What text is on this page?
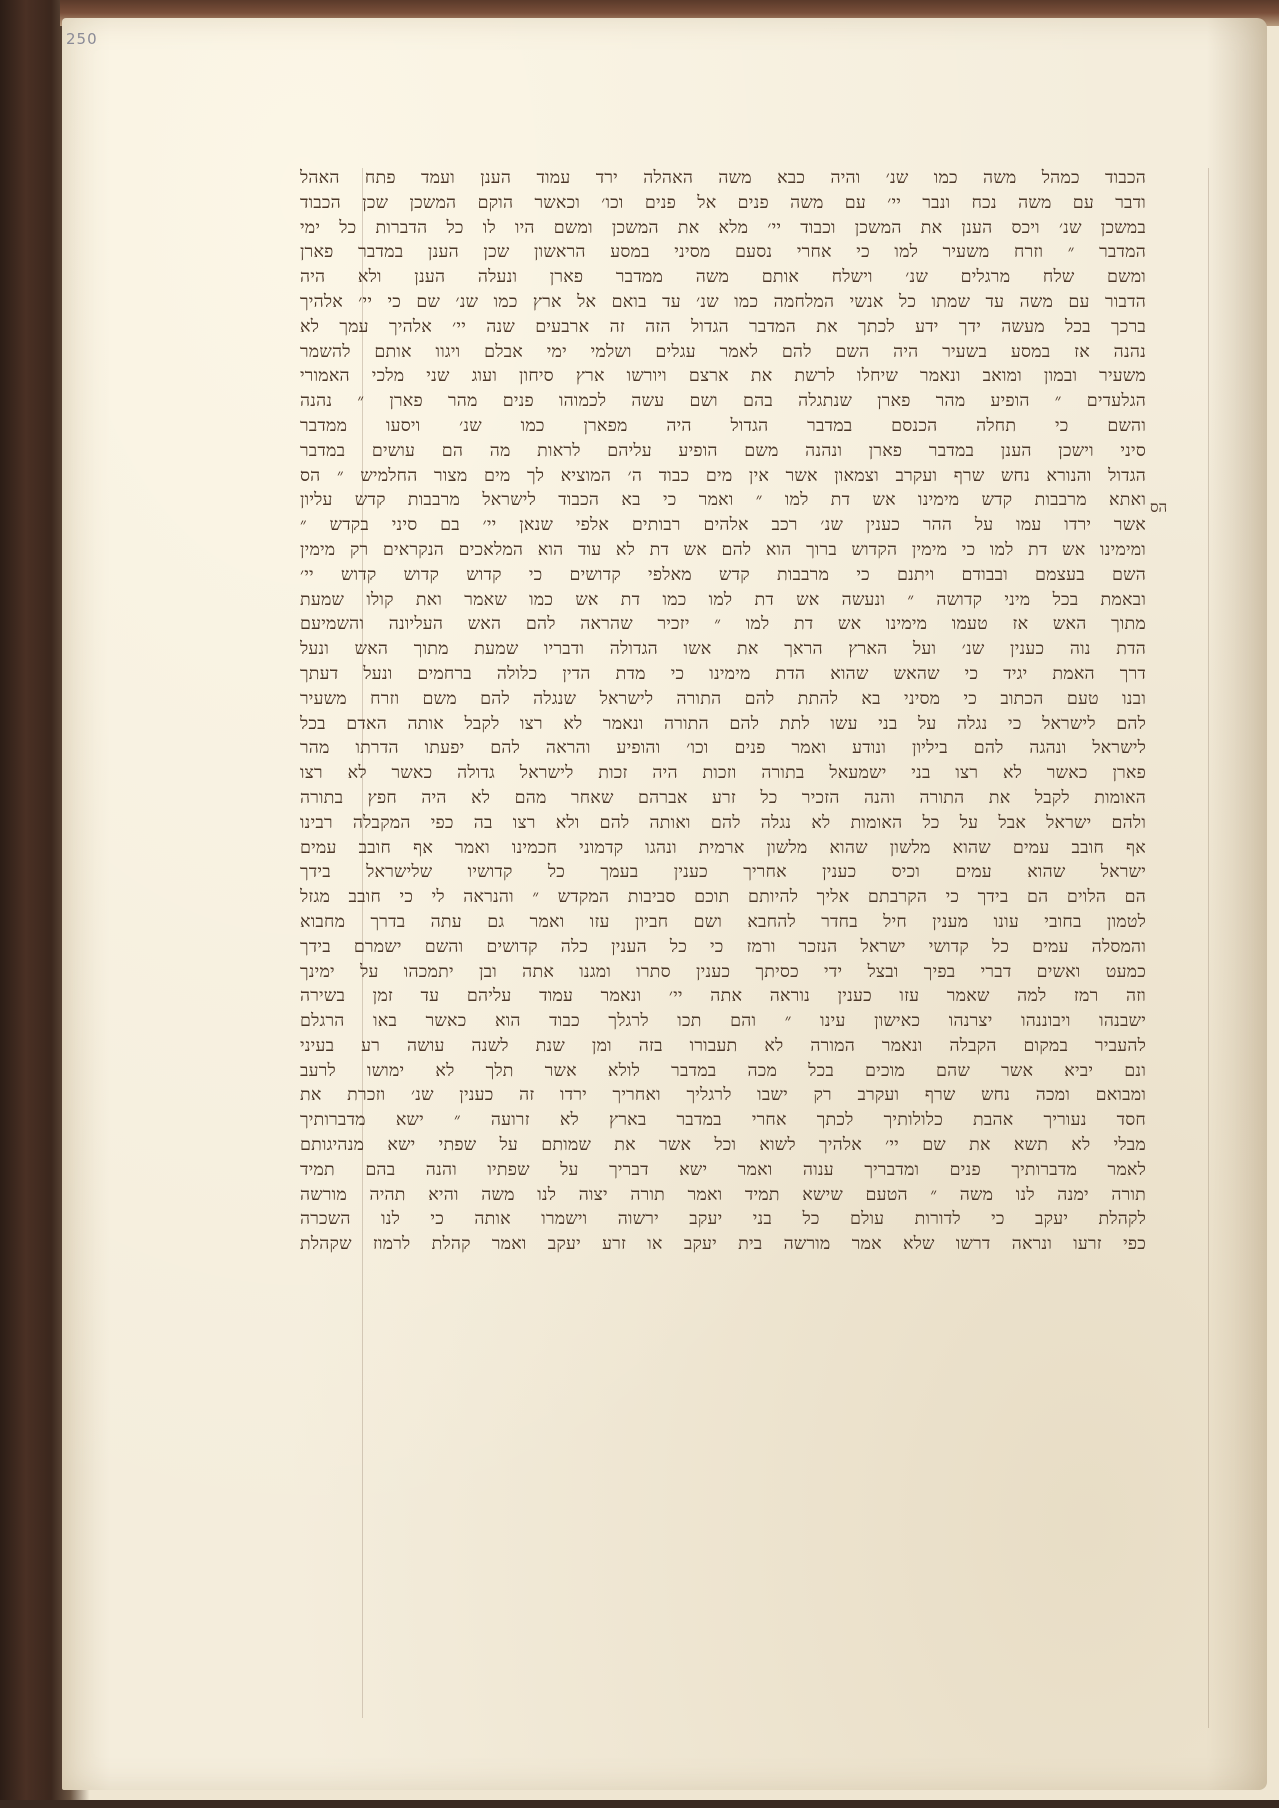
250
הכבוד כמהל משה כמו שנ׳ והיה כבא משה האהלה ירד עמוד הענן ועמד פתח האהל
ודבר עם משה נכח ונבר יי׳ עם משה פנים אל פנים וכו׳ וכאשר הוקם המשכן שכן הכבוד
במשכן שנ׳ ויכס הענן את המשכן וכבוד יי׳ מלא את המשכן ומשם היו לו כל הדברות כל ימי
המדבר ״ וזרח משעיר למו כי אחרי נסעם מסיני במסע הראשון שכן הענן במדבר פארן
ומשם שלח מרגלים שנ׳ וישלח אותם משה ממדבר פארן ונעלה הענן ולא היה
הדבור עם משה עד שמתו כל אנשי המלחמה כמו שנ׳ עד בואם אל ארץ כמו שנ׳ שם כי יי׳ אלהיך
ברכך בכל מעשה ידך ידע לכתך את המדבר הגדול הזה זה ארבעים שנה יי׳ אלהיך עמך לא
נהנה אז במסע בשעיר היה השם להם לאמר עגלים ושלמי ימי אבלם ויגוו אותם להשמר
משעיר ובמון ומואב ונאמר שיחלו לרשת את ארצם ויורשו ארץ סיחון ועוג שני מלכי האמורי
הגלעדים ״ הופיע מהר פארן שנתגלה בהם ושם עשה לכמוהו פנים מהר פארן ״ נהנה
והשם כי תחלה הכנסם במדבר הגדול היה מפארן כמו שנ׳ ויסעו ממדבר
סיני וישכן הענן במדבר פארן ונהנה משם הופיע עליהם לראות מה הם עושים במדבר
הגדול והנורא נחש שרף ועקרב וצמאון אשר אין מים כבוד ה׳ המוציא לך מים מצור החלמיש ״ הס
ואתא מרבבות קדש מימינו אש דת למו ״ ואמר כי בא הכבוד לישראל מרבבות קדש עליון
אשר ירדו עמו על ההר כענין שנ׳ רכב אלהים רבותים אלפי שנאן יי׳ בם סיני בקדש ״
ומימינו אש דת למו כי מימין הקדוש ברוך הוא להם אש דת לא עוד הוא המלאכים הנקראים רק מימין
השם בעצמם ובבודם ויתנם כי מרבבות קדש מאלפי קדושים כי קדוש קדוש קדוש יי׳
ובאמת בכל מיני קדושה ״ ונעשה אש דת למו כמו דת אש כמו שאמר ואת קולו שמעת
מתוך האש אז טעמו מימינו אש דת למו ״ יזכיר שהראה להם האש העליונה והשמיעם
הדת נוה כענין שנ׳ ועל הארץ הראך את אשו הגדולה ודבריו שמעת מתוך האש ונעל
דרך האמת יגיד כי שהאש שהוא הדת מימינו כי מדת הדין כלולה ברחמים ונעל דעתך
ובנו טעם הכתוב כי מסיני בא להתת להם התורה לישראל שנגלה להם משם וזרח משעיר
להם לישראל כי נגלה על בני עשו לתת להם התורה ונאמר לא רצו לקבל אותה האדם בכל
לישראל ונהגה להם ביליון ונודע ואמר פנים וכו׳ והופיע והראה להם יפעתו הדרתו מהר
פארן כאשר לא רצו בני ישמעאל בתורה וזכות היה זכות לישראל גדולה כאשר לא רצו
האומות לקבל את התורה והנה הזכיר כל זרע אברהם שאחר מהם לא היה חפץ בתורה
ולהם ישראל אבל על כל האומות לא נגלה להם ואותה להם ולא רצו בה כפי המקבלה רבינו
אף חובב עמים שהוא מלשון שהוא מלשון ארמית ונהגו קדמוני חכמינו ואמר אף חובב עמים
ישראל שהוא עמים וכיס כענין אחריך כענין בעמך כל קדושיו שלישראל בידך
הם הלוים הם בידך כי הקרבתם אליך להיותם תוכם סביבות המקדש ״ והנראה לי כי חובב מגזל
לטמון בחובי עונו מענין חיל בחדר להחבא ושם חביון עזו ואמר גם עתה בדרך מחבוא
והמסלה עמים כל קדושי ישראל הנזכר ורמז כי כל הענין כלה קדושים והשם ישמרם בידך
כמעט ואשים דברי בפיך ובצל ידי כסיתך כענין סתרו ומגנו אתה ובן יתמכהו על ימינך
וזה רמז למה שאמר עזו כענין נוראה אתה יי׳ ונאמר עמוד עליהם עד זמן בשירה
ישבנהו ויבוננהו יצרנהו כאישון עינו ״ והם תכו לרגלך כבוד הוא כאשר באו הרגלם
להעביר במקום הקבלה ונאמר המורה לא תעבורו בזה ומן שנת לשנה עושה רע בעיני
ונם יביא אשר שהם מוכים בכל מכה במדבר לולא אשר תלך לא ימושו לרעב
ומבואם ומכה נחש שרף ועקרב רק ישבו לרגליך ואחריך ירדו זה כענין שנ׳ וזכרת את
חסד נעוריך אהבת כלולותיך לכתך אחרי במדבר בארץ לא זרועה ״ ישא מדברותיך
מבלי לא תשא את שם יי׳ אלהיך לשוא וכל אשר את שמותם על שפתי ישא מנהיגותם
לאמר מדברותיך פנים ומדבריך ענוה ואמר ישא דבריך על שפתיו והנה בהם תמיד
תורה ימנה לנו משה ״ הטעם שישא תמיד ואמר תורה יצוה לנו משה והיא תהיה מורשה
לקהלת יעקב כי לדורות עולם כל בני יעקב ירשוה וישמרו אותה כי לנו השכרה
כפי זרעו ונראה דרשו שלא אמר מורשה בית יעקב או זרע יעקב ואמר קהלת לרמוז שקהלת
הס
